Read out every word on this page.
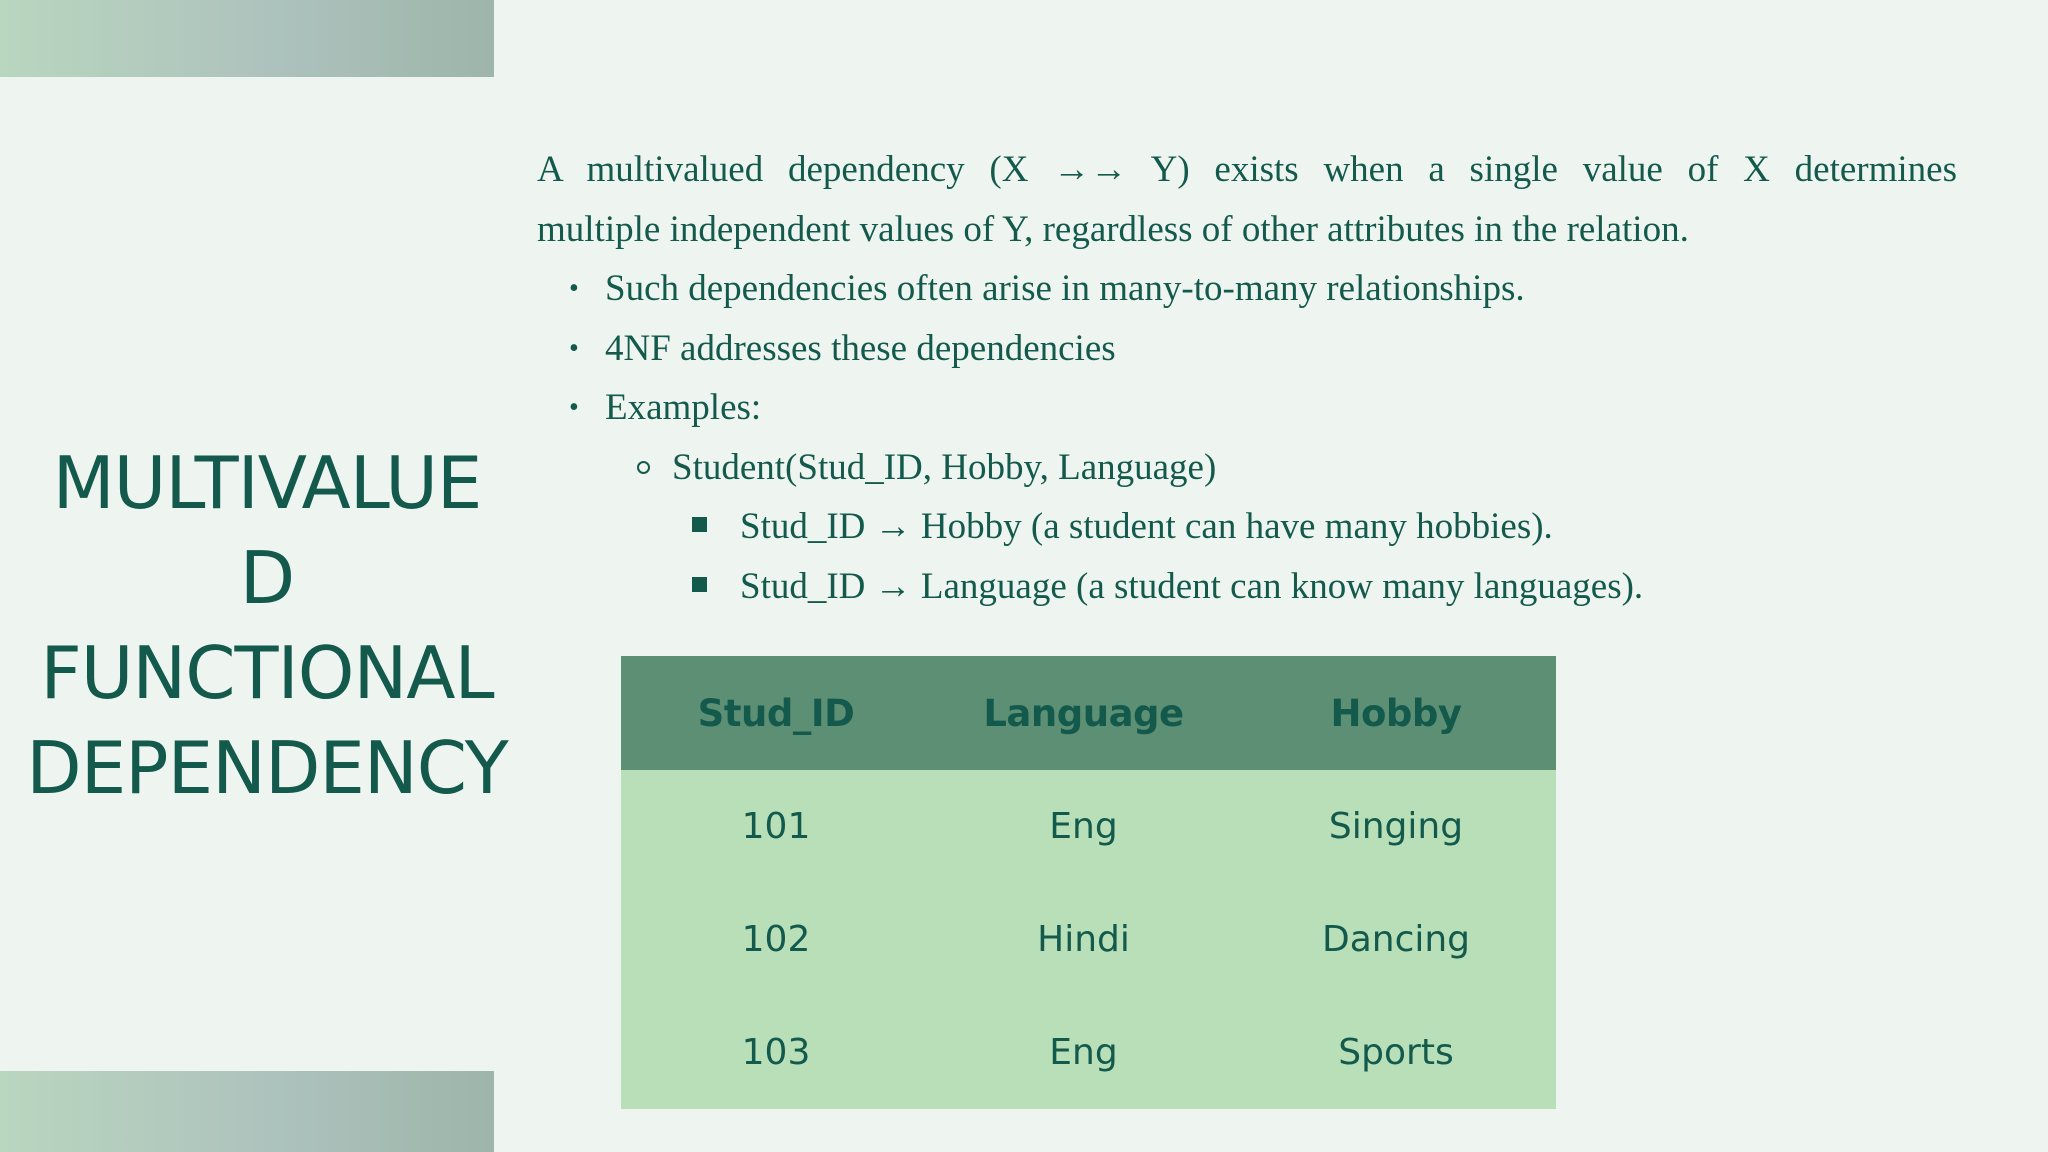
MULTIVALUE
D
FUNCTIONAL
DEPENDENCY

A multivalued dependency (X →→ Y) exists when a single value of X determines
multiple independent values of Y, regardless of other attributes in the relation.

• Such dependencies often arise in many-to-many relationships.
• 4NF addresses these dependencies
• Examples:
Student(Stud_ID, Hobby, Language)
Stud_ID → Hobby (a student can have many hobbies).
Stud_ID → Language (a student can know many languages).
Stud_ID	Language	Hobby
101	Eng	Singing
102	Hindi	Dancing
103	Eng	Sports
